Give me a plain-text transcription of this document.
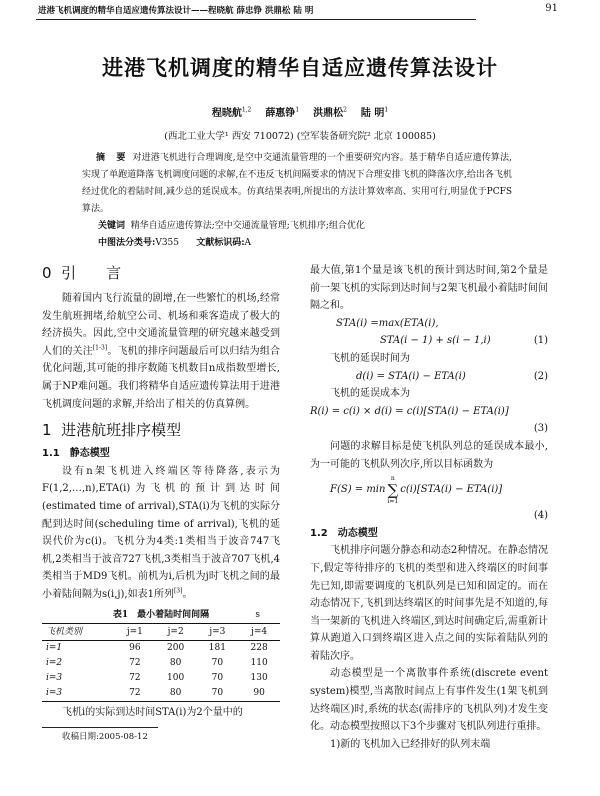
进港飞机调度的精华自适应遗传算法设计——程晓航 薛忠铮 洪鼎松 陆 明	91
进港飞机调度的精华自适应遗传算法设计
程晓航$^{1,2}$ 薛惠铮$^1$ 洪鼎松$^2$ 陆 明$^1$
(西北工业大学¹ 西安 710072) (空军装备研究院² 北京 100085)
摘 要 对进港飞机进行合理调度,是空中交通流量管理的一个重要研究内容。基于精华自适应遗传算法,实现了单跑道降落飞机调度问题的求解,在不违反飞机间隔要求的情况下合理安排飞机的降落次序,给出各飞机经过优化的着陆时间,减少总的延误成本。仿真结果表明,所提出的方法计算效率高、实用可行,明显优于PCFS算法。
关键词 精华自适应遗传算法;空中交通流量管理;飞机排序;组合优化
中图法分类号:V355 文献标识码:A
0 引　　言

随着国内飞行流量的剧增,在一些繁忙的机场,经常发生航班拥堵,给航空公司、机场和乘客造成了极大的经济损失。因此,空中交通流量管理的研究越来越受到人们的关注[1-3]。飞机的排序问题最后可以归结为组合优化问题,其可能的排序数随飞机数目n成指数型增长,属于NP难问题。我们将精华自适应遗传算法用于进港飞机调度问题的求解,并给出了相关的仿真算例。

1 进港航班排序模型
1.1　静态模型

设有n架飞机进入终端区等待降落,表示为F(1,2,…,n),ETA(i)为飞机的预计到达时间(estimated time of arrival),STA(i)为飞机的实际分配到达时间(scheduling time of arrival),飞机的延误代价为c(i)。飞机分为4类:1类相当于波音747飞机,2类相当于波音727飞机,3类相当于波音707飞机,4类相当于MD9飞机。前机为i,后机为j时飞机之间的最小着陆间隔为s(i,j),如表1所列[3]。

表1　最小着陆时间间隔	s
飞机类别	j=1	j=2	j=3	j=4
i=1	96	200	181	228
i=2	72	80	70	110
i=3	72	100	70	130
i=3	72	80	70	90

飞机i的实际到达时间STA(i)为2个量中的

收稿日期:2005-08-12

最大值,第1个量是该飞机的预计到达时间,第2个量是前一架飞机的实际到达时间与2架飞机最小着陆时间间隔之和。

STA(i) =max(ETA(i),
STA(i − 1) + s(i − 1,i)	(1)

飞机的延误时间为

d(i) = STA(i) − ETA(i)	(2)

飞机的延误成本为

R(i) = c(i) × d(i) = c(i)[STA(i) − ETA(i)]
(3)

问题的求解目标是使飞机队列总的延误成本最小,为一可能的飞机队列次序,所以目标函数为

F(S) = min
n
∑
i=1
c(i)[STA(i) − ETA(i)]
(4)
1.2　动态模型

飞机排序问题分静态和动态2种情况。在静态情况下,假定等待排序的飞机的类型和进入终端区的时间事先已知,即需要调度的飞机队列是已知和固定的。而在动态情况下,飞机到达终端区的时间事先是不知道的,每当一架新的飞机进入终端区,到达时间确定后,需重新计算从跑道入口到终端区进入点之间的实际着陆队列的着陆次序。

动态模型是一个离散事件系统(discrete event system)模型,当离散时间点上有事件发生(1架飞机到达终端区)时,系统的状态(需排序的飞机队列)才发生变化。动态模型按照以下3个步骤对飞机队列进行重排。

1)新的飞机加入已经排好的队列末端
